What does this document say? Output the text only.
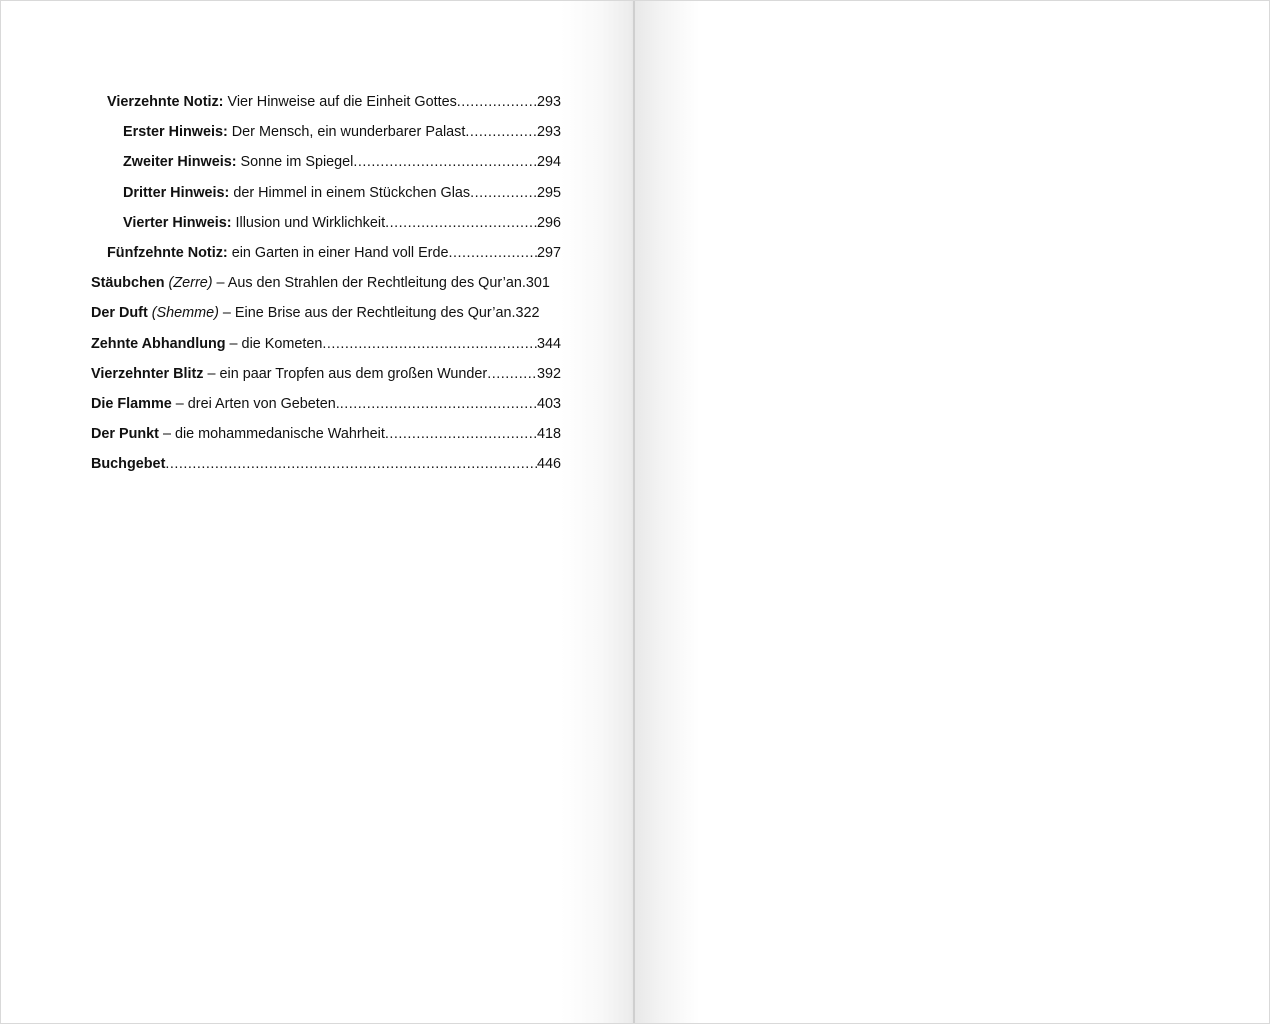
Vierzehnte Notiz: Vier Hinweise auf die Einheit Gottes .....	293
Erster Hinweis: Der Mensch, ein wunderbarer Palast .....	293
Zweiter Hinweis: Sonne im Spiegel .....	294
Dritter Hinweis: der Himmel in einem Stückchen Glas .....	295
Vierter Hinweis: Illusion und Wirklichkeit .....	296
Fünfzehnte Notiz: ein Garten in einer Hand voll Erde .....	297
Stäubchen (Zerre) – Aus den Strahlen der Rechtleitung des Qur’an .301
Der Duft (Shemme) – Eine Brise aus der Rechtleitung des Qur’an .322
Zehnte Abhandlung – die Kometen .....	344
Vierzehnter Blitz – ein paar Tropfen aus dem großen Wunder .....	392
Die Flamme – drei Arten von Gebeten. .....	403
Der Punkt – die mohammedanische Wahrheit .....	418
Buchgebet .....	446
